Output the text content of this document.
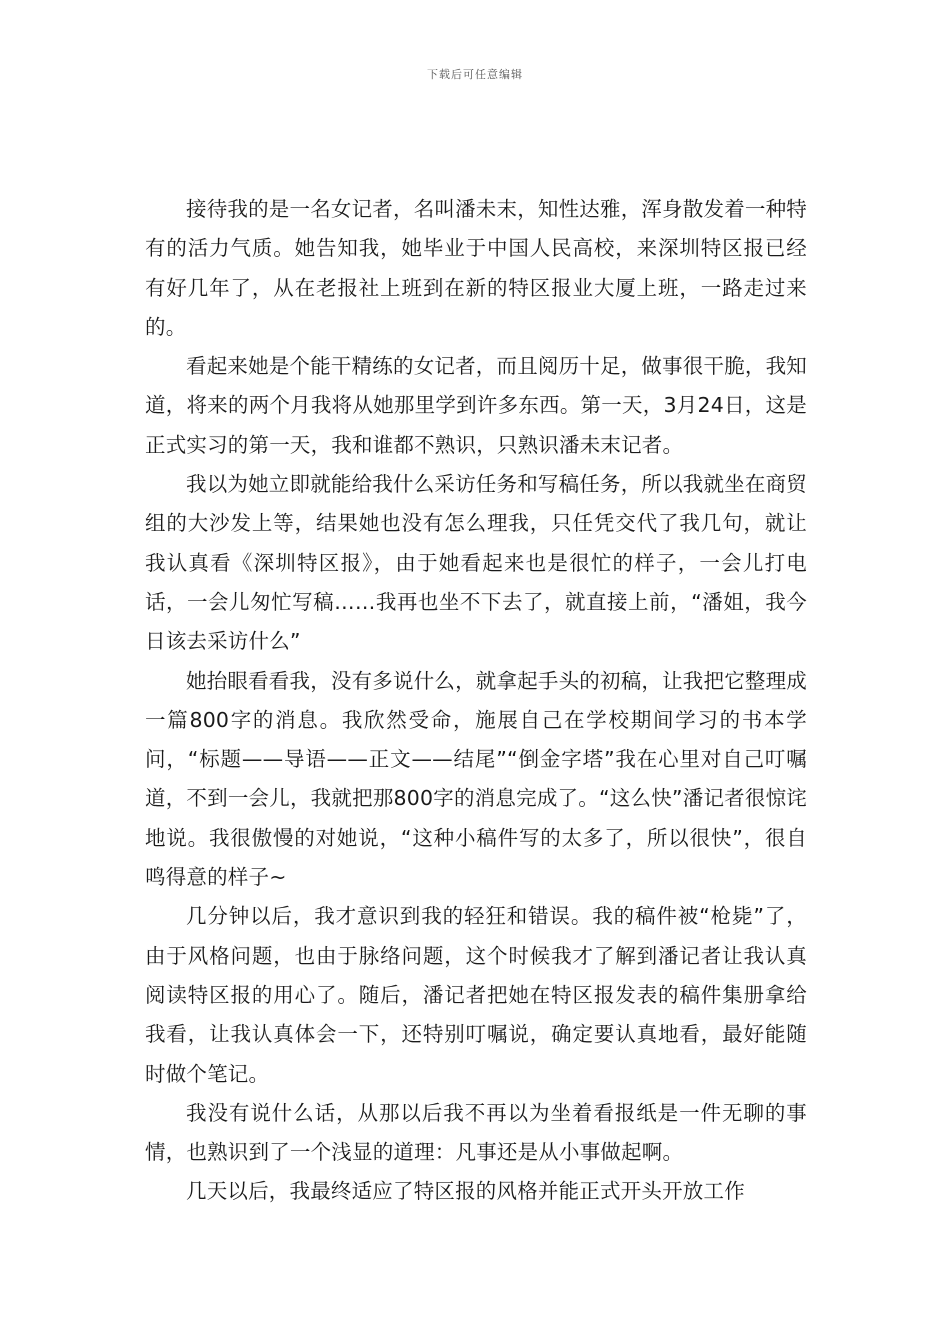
下载后可任意编辑

接待我的是一名女记者，名叫潘未末，知性达雅，浑身散发着一种特有的活力气质。她告知我，她毕业于中国人民高校，来深圳特区报已经有好几年了，从在老报社上班到在新的特区报业大厦上班，一路走过来的。

看起来她是个能干精练的女记者，而且阅历十足，做事很干脆，我知道，将来的两个月我将从她那里学到许多东西。第一天，3月24日，这是正式实习的第一天，我和谁都不熟识，只熟识潘未末记者。

我以为她立即就能给我什么采访任务和写稿任务，所以我就坐在商贸组的大沙发上等，结果她也没有怎么理我，只任凭交代了我几句，就让我认真看《深圳特区报》，由于她看起来也是很忙的样子，一会儿打电话，一会儿匆忙写稿……我再也坐不下去了，就直接上前，“潘姐，我今日该去采访什么”

她抬眼看看我，没有多说什么，就拿起手头的初稿，让我把它整理成一篇800字的消息。我欣然受命，施展自己在学校期间学习的书本学问，“标题——导语——正文——结尾”“倒金字塔”我在心里对自己叮嘱道，不到一会儿，我就把那800字的消息完成了。“这么快”潘记者很惊诧地说。我很傲慢的对她说，“这种小稿件写的太多了，所以很快”，很自鸣得意的样子~

几分钟以后，我才意识到我的轻狂和错误。我的稿件被“枪毙”了，由于风格问题，也由于脉络问题，这个时候我才了解到潘记者让我认真阅读特区报的用心了。随后，潘记者把她在特区报发表的稿件集册拿给我看，让我认真体会一下，还特别叮嘱说，确定要认真地看，最好能随时做个笔记。

我没有说什么话，从那以后我不再以为坐着看报纸是一件无聊的事情，也熟识到了一个浅显的道理：凡事还是从小事做起啊。

几天以后，我最终适应了特区报的风格并能正式开头开放工作
